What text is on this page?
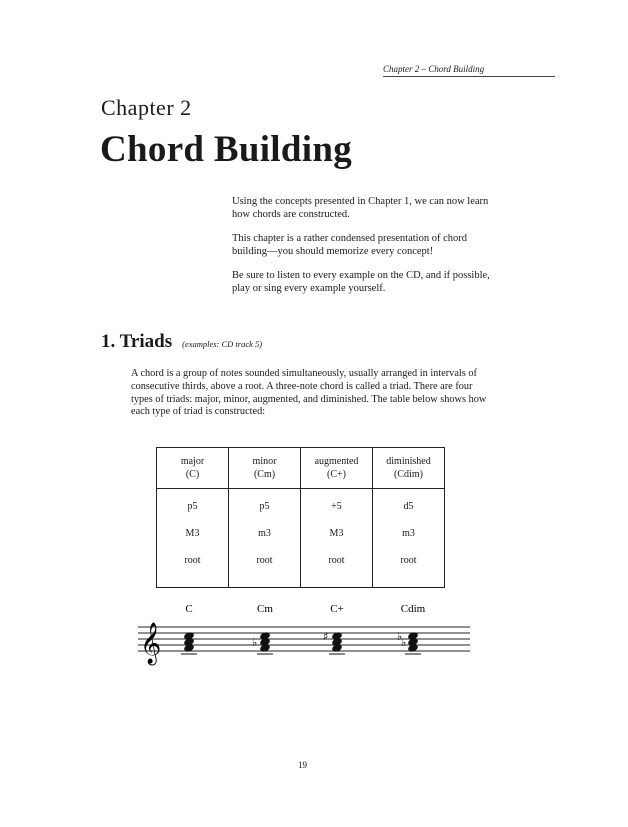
Chapter 2 – Chord Building
Chapter 2
Chord Building

Using the concepts presented in Chapter 1, we can now learn how chords are constructed.

This chapter is a rather condensed presentation of chord building—you should memorize every concept!

Be sure to listen to every example on the CD, and if possible, play or sing every example yourself.

1. Triads (examples: CD track 5)

A chord is a group of notes sounded simultaneously, usually arranged in intervals of consecutive thirds, above a root. A three-note chord is called a triad. There are four types of triads: major, minor, augmented, and diminished. The table below shows how each type of triad is constructed:

major
(C)	minor
(Cm)	augmented
(C+)	diminished
(Cdim)

p5
M3
root	p5
m3
root	+5
M3
root	d5
m3
root
C	Cm	C+	Cdim
𝄞	♭	♯	♭
♭
19
